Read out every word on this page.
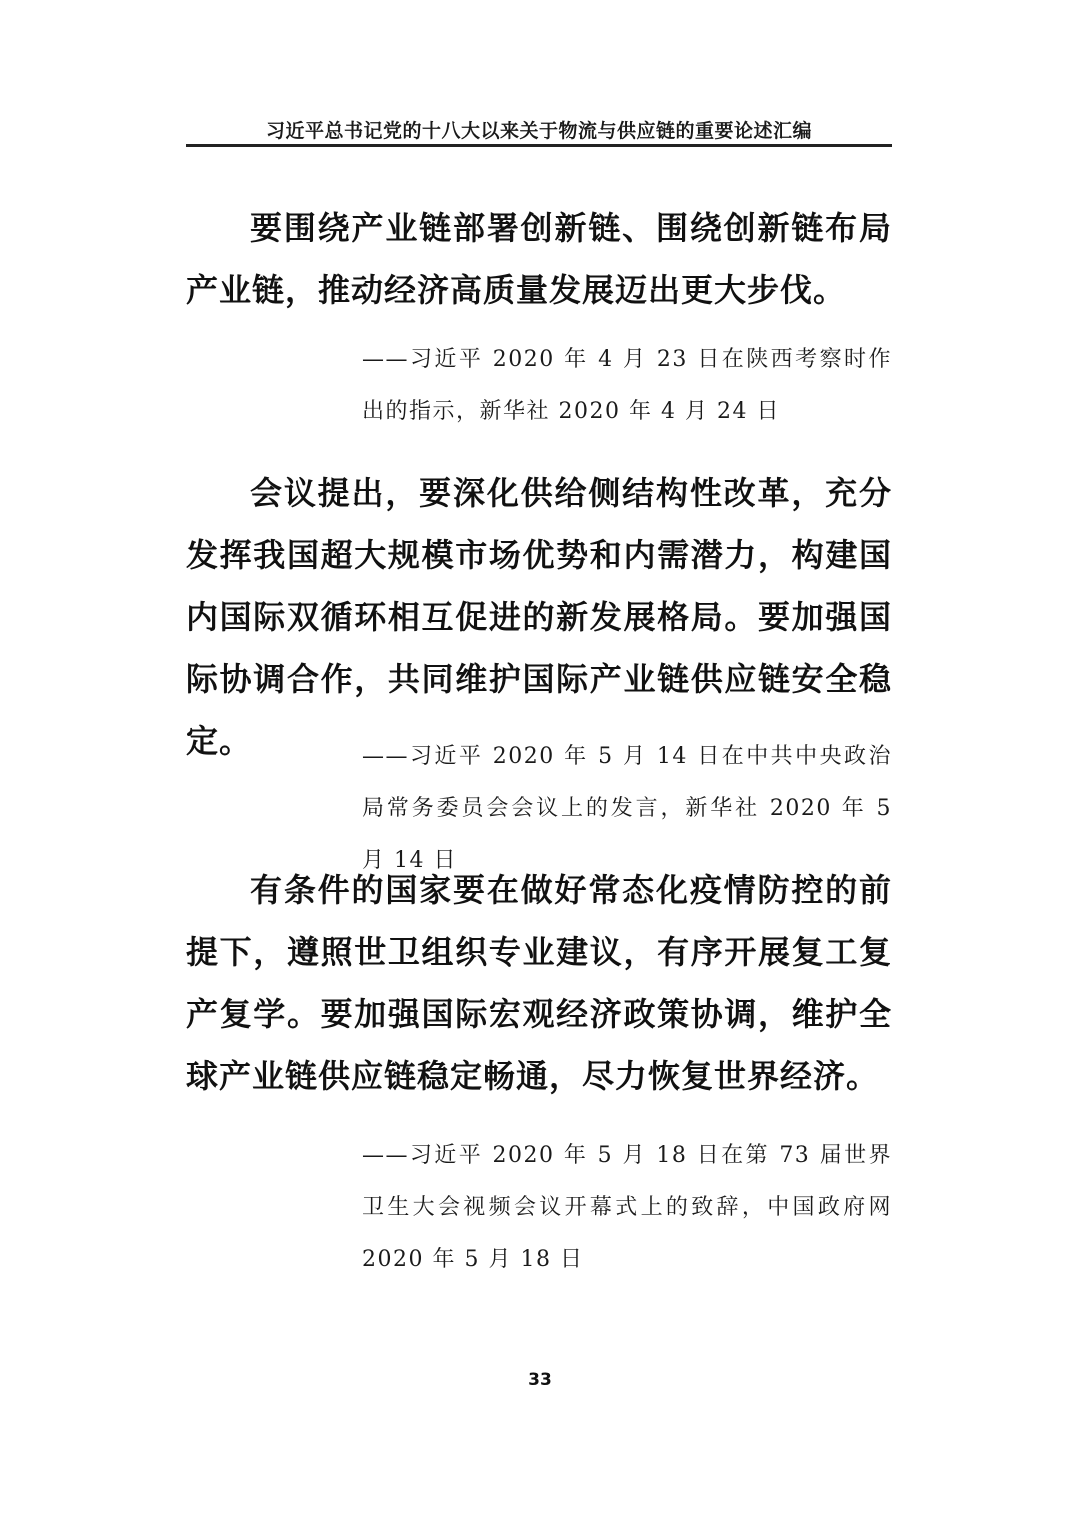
习近平总书记党的十八大以来关于物流与供应链的重要论述汇编

要围绕产业链部署创新链、围绕创新链布局产业链，推动经济高质量发展迈出更大步伐。

——习近平 2020 年 4 月 23 日在陕西考察时作出的指示，新华社 2020 年 4 月 24 日

会议提出，要深化供给侧结构性改革，充分发挥我国超大规模市场优势和内需潜力，构建国内国际双循环相互促进的新发展格局。要加强国际协调合作，共同维护国际产业链供应链安全稳定。	——习近平 2020 年 5 月 14 日在中共中央政治局常务委员会会议上的发言，新华社 2020 年 5 月 14 日

有条件的国家要在做好常态化疫情防控的前提下，遵照世卫组织专业建议，有序开展复工复产复学。要加强国际宏观经济政策协调，维护全球产业链供应链稳定畅通，尽力恢复世界经济。

——习近平 2020 年 5 月 18 日在第 73 届世界卫生大会视频会议开幕式上的致辞，中国政府网 2020 年 5 月 18 日

33
